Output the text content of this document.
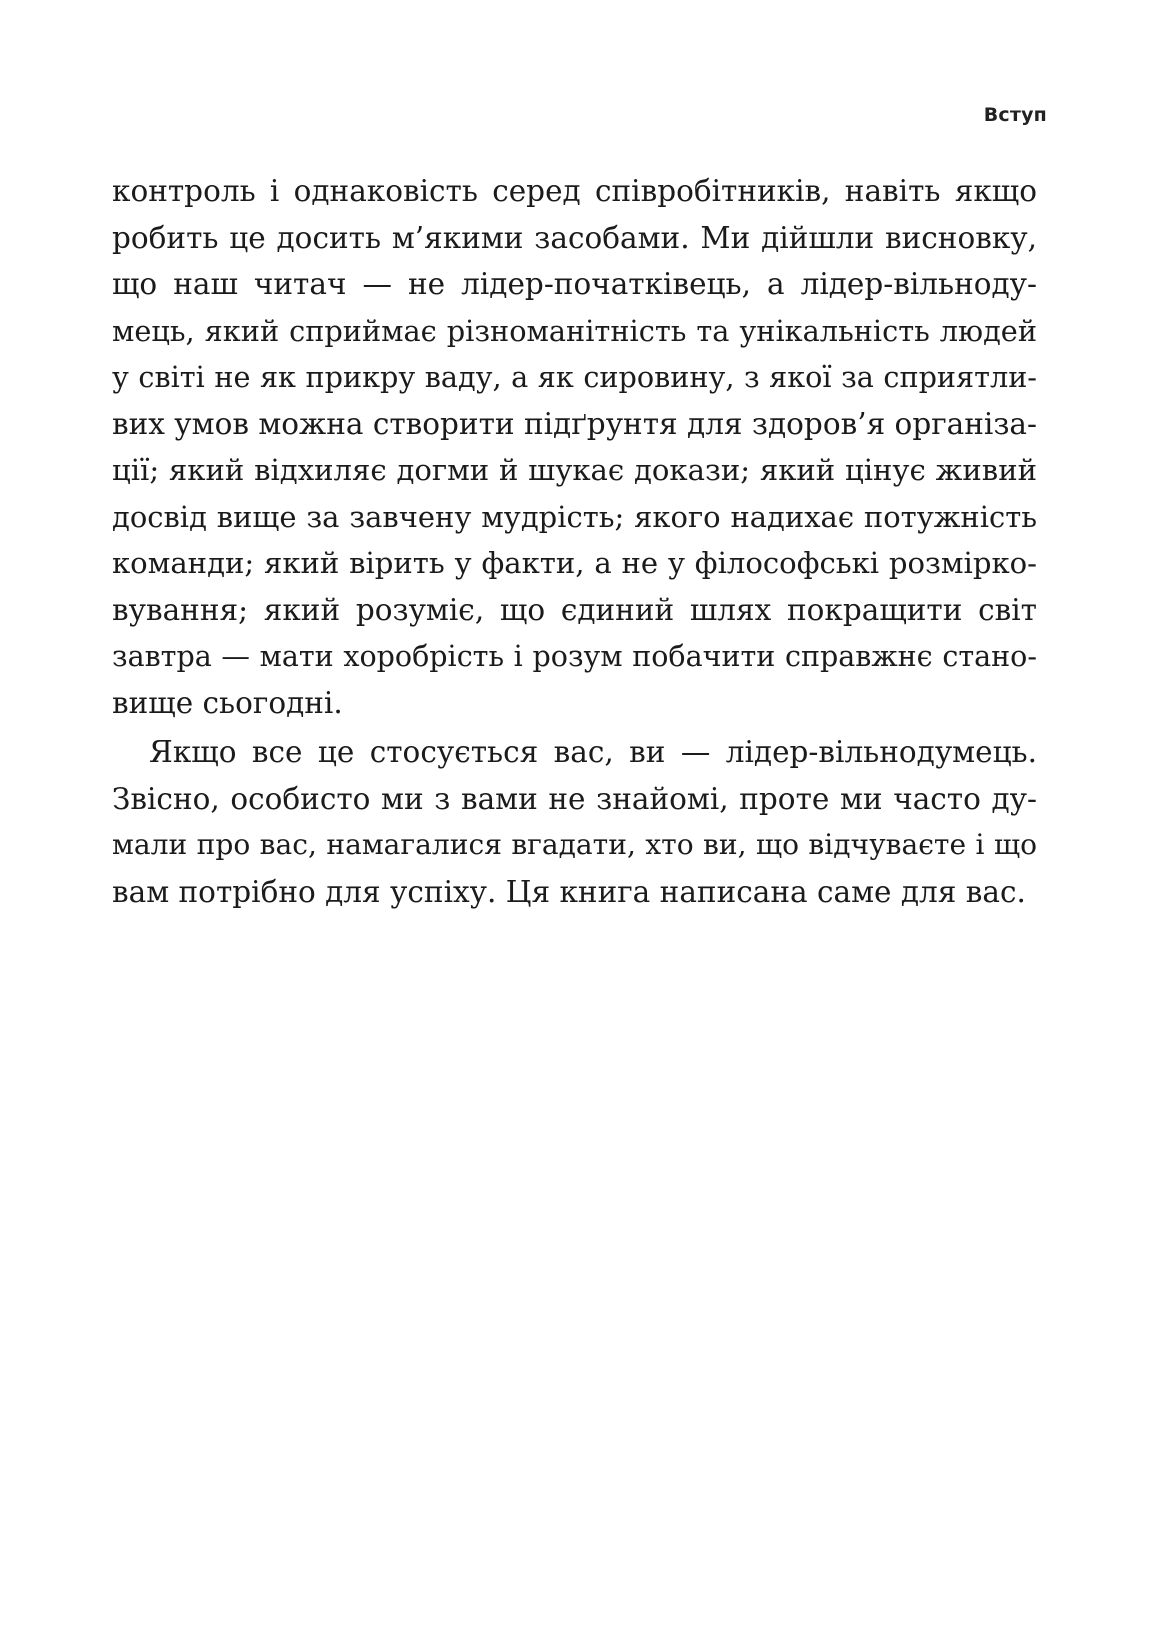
Вступ
контроль і однаковість серед співробітників, навіть якщо
робить це досить м’якими засобами. Ми дійшли висновку,
що наш читач — не лідер-початківець, а лідер-вільноду-
мець, який сприймає різноманітність та унікальність людей
у світі не як прикру ваду, а як сировину, з якої за сприятли-
вих умов можна створити підґрунтя для здоров’я організа-
ції; який відхиляє догми й шукає докази; який цінує живий
досвід вище за завчену мудрість; якого надихає потужність
команди; який вірить у факти, а не у філософські розмірко-
вування; який розуміє, що єдиний шлях покращити світ
завтра — мати хоробрість і розум побачити справжнє стано-
вище сьогодні.
Якщо все це стосується вас, ви — лідер-вільнодумець.
Звісно, особисто ми з вами не знайомі, проте ми часто ду-
мали про вас, намагалися вгадати, хто ви, що відчуваєте і що
вам потрібно для успіху. Ця книга написана саме для вас.
